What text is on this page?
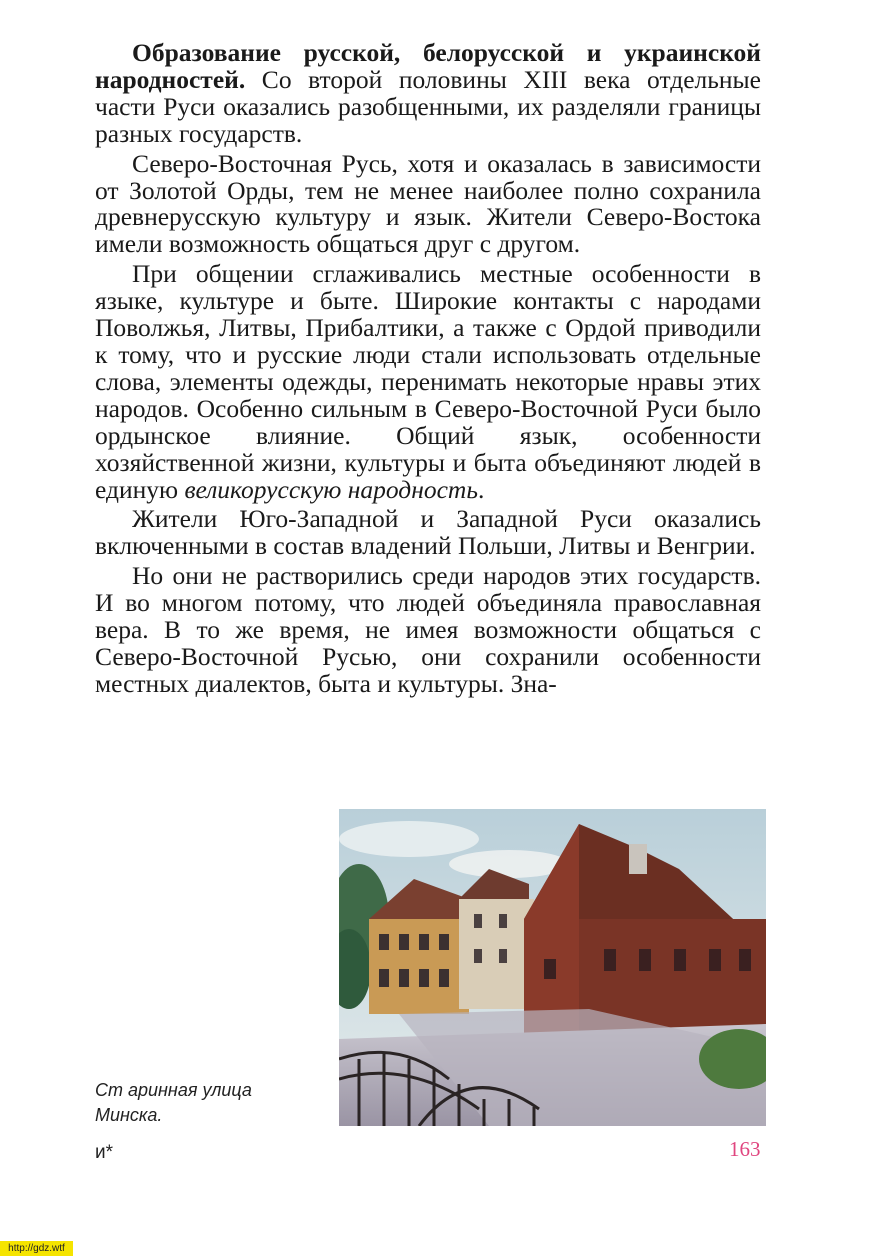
Образование русской, белорусской и украинской народностей. Со второй половины XIII века отдельные части Руси оказались разобщенными, их разделяли границы разных государств.

Северо-Восточная Русь, хотя и оказалась в зависимости от Золотой Орды, тем не менее наиболее полно сохранила древнерусскую культуру и язык. Жители Северо-Востока имели возможность общаться друг с другом.

При общении сглаживались местные особенности в языке, культуре и быте. Широкие контакты с народами Поволжья, Литвы, Прибалтики, а также с Ордой приводили к тому, что и русские люди стали использовать отдельные слова, элементы одежды, перенимать некоторые нравы этих народов. Особенно сильным в Северо-Восточной Руси было ордынское влияние. Общий язык, особенности хозяйственной жизни, культуры и быта объединяют людей в единую великорусскую народность.

Жители Юго-Западной и Западной Руси оказались включенными в состав владений Польши, Литвы и Венгрии.

Но они не растворились среди народов этих государств. И во многом потому, что людей объединяла православная вера. В то же время, не имея возможности общаться с Северо-Восточной Русью, они сохранили особенности местных диалектов, быта и культуры. Зна-

Ст аринная улица
Минска.
и*	163
http://gdz.wtf
